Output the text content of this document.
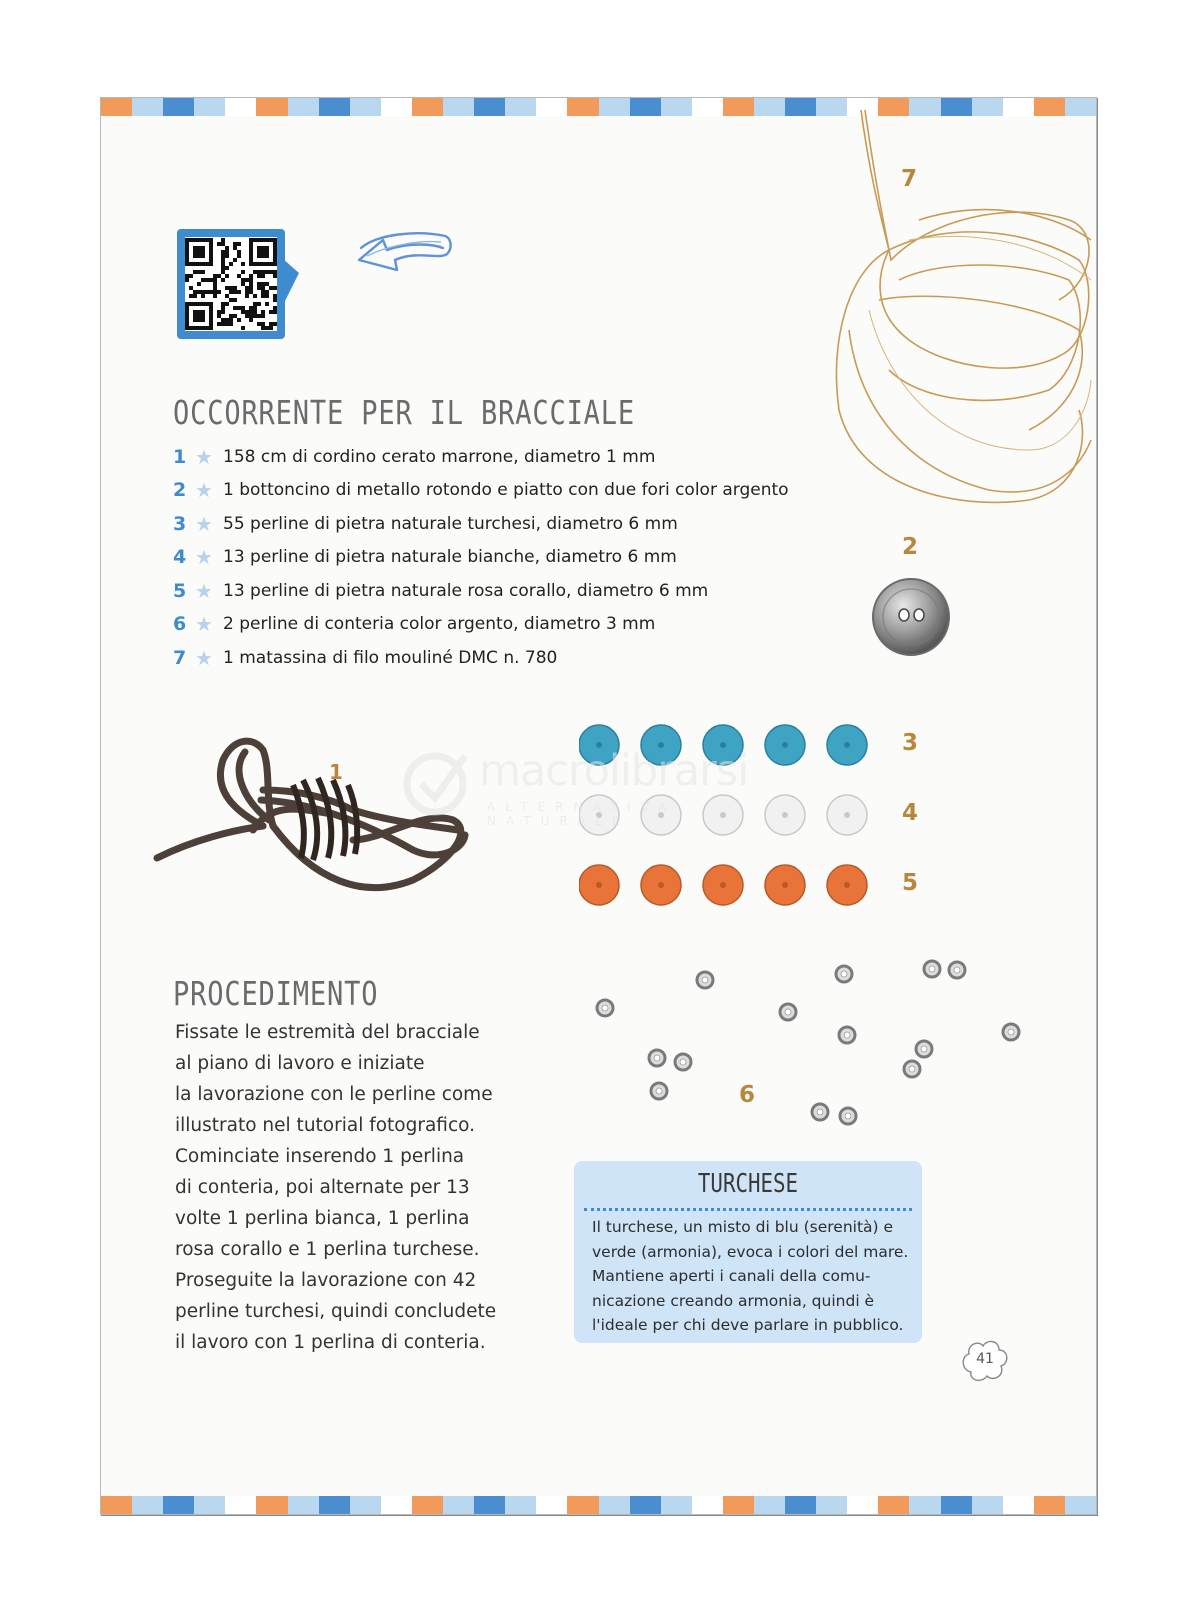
7
OCCORRENTE PER IL BRACCIALE
1 ★ 158 cm di cordino cerato marrone, diametro 1 mm
2 ★ 1 bottoncino di metallo rotondo e piatto con due fori color argento
3 ★ 55 perline di pietra naturale turchesi, diametro 6 mm
4 ★ 13 perline di pietra naturale bianche, diametro 6 mm
5 ★ 13 perline di pietra naturale rosa corallo, diametro 6 mm
6 ★ 2 perline di conteria color argento, diametro 3 mm
7 ★ 1 matassina di filo mouliné DMC n. 780
2
1
3
4
5
6
macrolibrarsi
ALTERNATIVA NATURALE
PROCEDIMENTO
Fissate le estremità del bracciale
al piano di lavoro e iniziate
la lavorazione con le perline come
illustrato nel tutorial fotografico.
Cominciate inserendo 1 perlina
di conteria, poi alternate per 13
volte 1 perlina bianca, 1 perlina
rosa corallo e 1 perlina turchese.
Proseguite la lavorazione con 42
perline turchesi, quindi concludete
il lavoro con 1 perlina di conteria.
TURCHESE
Il turchese, un misto di blu (serenità) e
verde (armonia), evoca i colori del mare.
Mantiene aperti i canali della comu-
nicazione creando armonia, quindi è
l'ideale per chi deve parlare in pubblico.
41
